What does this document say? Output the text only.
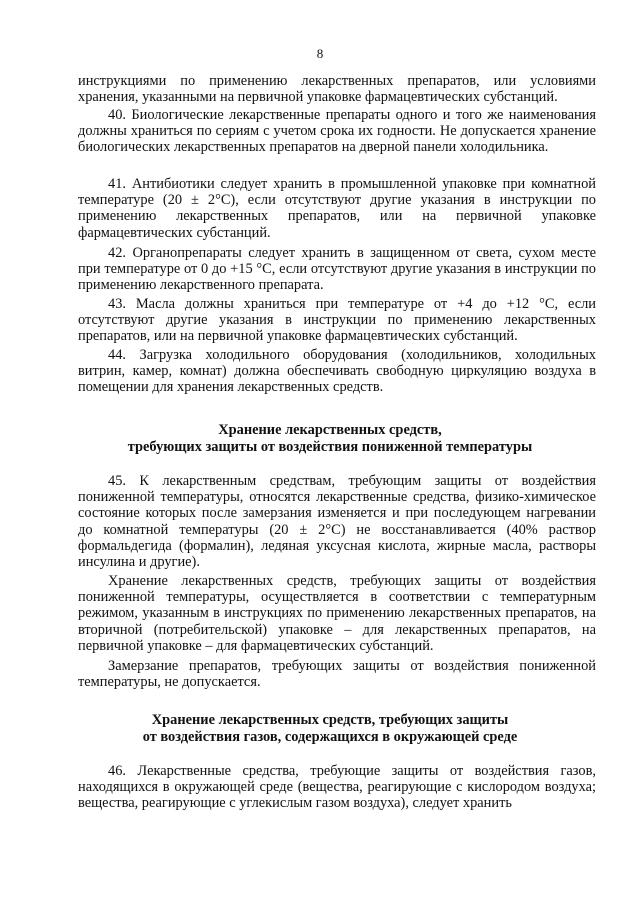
8

инструкциями по применению лекарственных препаратов, или условиями хранения, указанными на первичной упаковке фармацевтических субстанций.

40. Биологические лекарственные препараты одного и того же наименования должны храниться по сериям с учетом срока их годности. Не допускается хранение биологических лекарственных препаратов на дверной панели холодильника.

41. Антибиотики следует хранить в промышленной упаковке при комнатной температуре (20 ± 2°С), если отсутствуют другие указания в инструкции по применению лекарственных препаратов, или на первичной упаковке фармацевтических субстанций.

42. Органопрепараты следует хранить в защищенном от света, сухом месте при температуре от 0 до +15 °С, если отсутствуют другие указания в инструкции по применению лекарственного препарата.

43. Масла должны храниться при температуре от +4 до +12 °С, если отсутствуют другие указания в инструкции по применению лекарственных препаратов, или на первичной упаковке фармацевтических субстанций.

44. Загрузка холодильного оборудования (холодильников, холодильных витрин, камер, комнат) должна обеспечивать свободную циркуляцию воздуха в помещении для хранения лекарственных средств.

Хранение лекарственных средств,
требующих защиты от воздействия пониженной температуры

45. К лекарственным средствам, требующим защиты от воздействия пониженной температуры, относятся лекарственные средства, физико-химическое состояние которых после замерзания изменяется и при последующем нагревании до комнатной температуры (20 ± 2°С) не восстанавливается (40% раствор формальдегида (формалин), ледяная уксусная кислота, жирные масла, растворы инсулина и другие).

Хранение лекарственных средств, требующих защиты от воздействия пониженной температуры, осуществляется в соответствии с температурным режимом, указанным в инструкциях по применению лекарственных препаратов, на вторичной (потребительской) упаковке – для лекарственных препаратов, на первичной упаковке – для фармацевтических субстанций.

Замерзание препаратов, требующих защиты от воздействия пониженной температуры, не допускается.

Хранение лекарственных средств, требующих защиты
от воздействия газов, содержащихся в окружающей среде

46. Лекарственные средства, требующие защиты от воздействия газов, находящихся в окружающей среде (вещества, реагирующие с кислородом воздуха; вещества, реагирующие с углекислым газом воздуха), следует хранить
